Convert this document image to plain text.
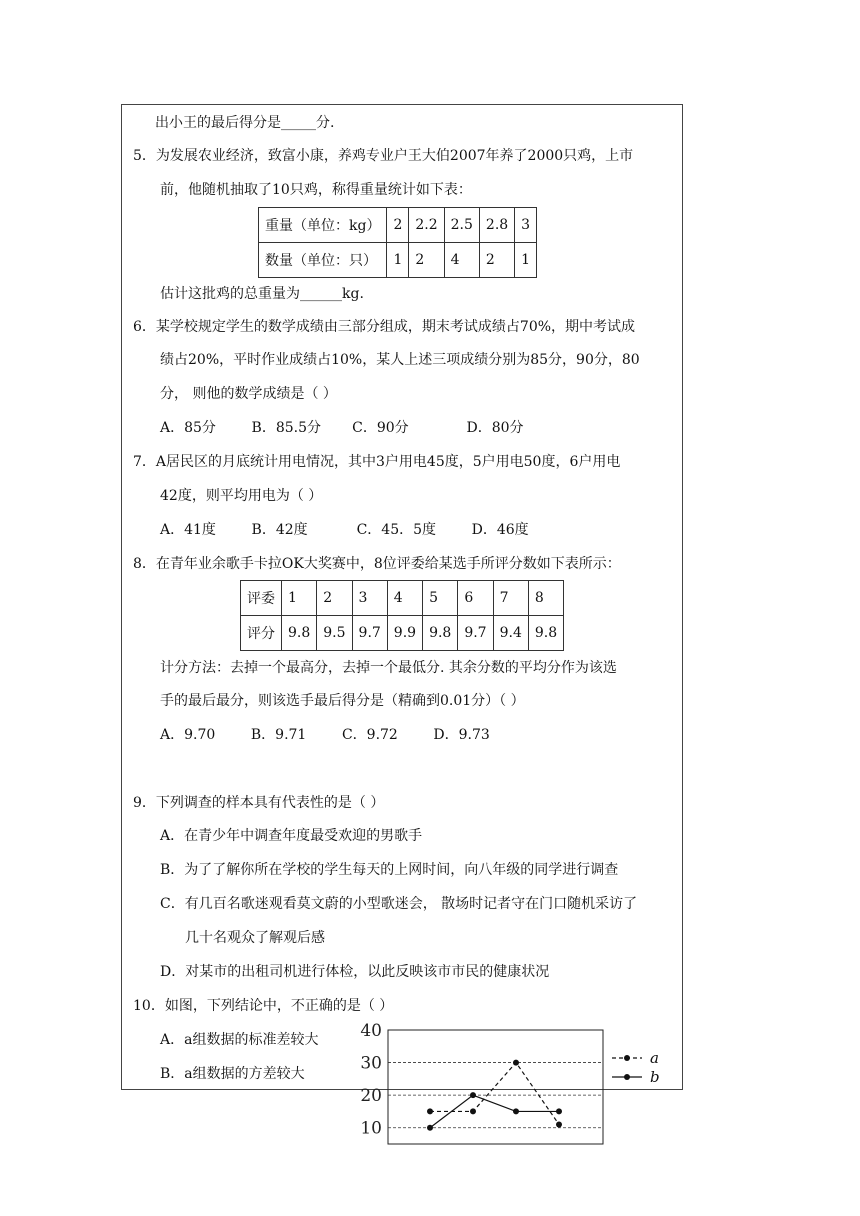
出小王的最后得分是_____分.
5．为发展农业经济，致富小康，养鸡专业户王大伯2007年养了2000只鸡，上市
前，他随机抽取了10只鸡，称得重量统计如下表：
重量（单位：kg）	2	2.2	2.5	2.8	3
数量（单位：只）	1	2	4	2	1
估计这批鸡的总重量为______kg.
6．某学校规定学生的数学成绩由三部分组成，期末考试成绩占70%，期中考试成
绩占20%，平时作业成绩占10%，某人上述三项成绩分别为85分，90分，80
分， 则他的数学成绩是（ ）
A．85分        B．85.5分       C．90分             D．80分
7．A居民区的月底统计用电情况，其中3户用电45度，5户用电50度，6户用电
42度，则平均用电为（ ）
A．41度        B．42度           C．45．5度        D．46度
8．在青年业余歌手卡拉OK大奖赛中，8位评委给某选手所评分数如下表所示：
评委	1	2	3	4	5	6	7	8
评分	9.8	9.5	9.7	9.9	9.8	9.7	9.4	9.8
计分方法：去掉一个最高分，去掉一个最低分. 其余分数的平均分作为该选
手的最后最分，则该选手最后得分是（精确到0.01分）（ ）
A．9.70        B．9.71        C．9.72        D．9.73
9．下列调查的样本具有代表性的是（ ）
A．在青少年中调查年度最受欢迎的男歌手
B．为了了解你所在学校的学生每天的上网时间，向八年级的同学进行调查
C．有几百名歌迷观看莫文蔚的小型歌迷会， 散场时记者守在门口随机采访了
几十名观众了解观后感
D．对某市的出租司机进行体检，以此反映该市市民的健康状况
10．如图，下列结论中，不正确的是（ ）
A．a组数据的标准差较大
B．a组数据的方差较大
10
20
30
40
a
b
